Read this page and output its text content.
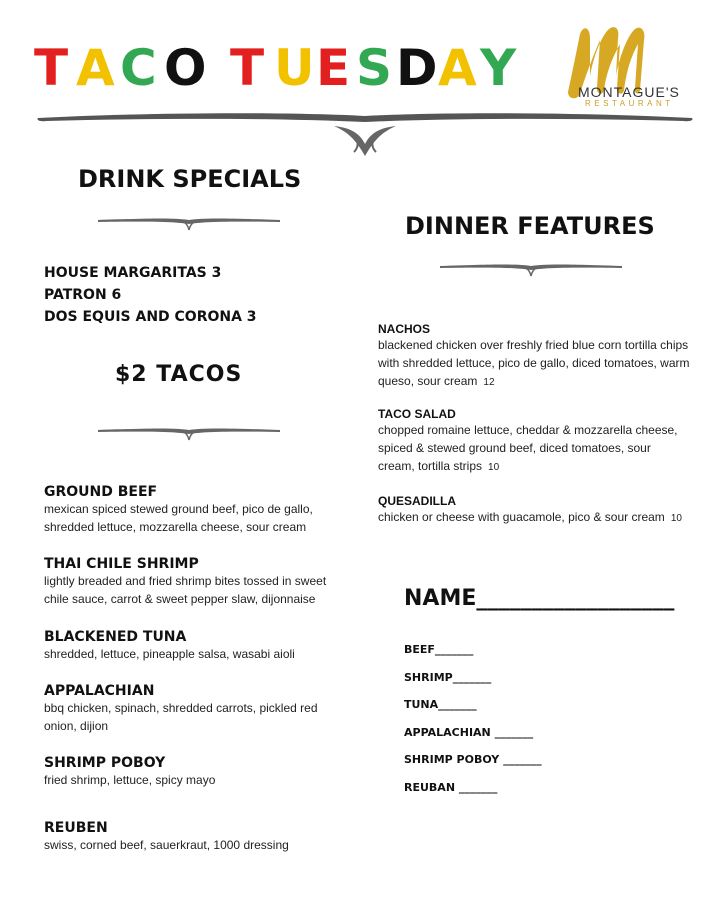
T A C O T U E S D A Y	MONTAGUE'S
RESTAURANT
DRINK SPECIALS
HOUSE MARGARITAS 3
PATRON 6
DOS EQUIS AND CORONA 3
$2 TACOS
GROUND BEEF
mexican spiced stewed ground beef, pico de gallo, shredded lettuce, mozzarella cheese, sour cream
THAI CHILE SHRIMP
lightly breaded and fried shrimp bites tossed in sweet chile sauce, carrot & sweet pepper slaw, dijonnaise
BLACKENED TUNA
shredded, lettuce, pineapple salsa, wasabi aioli
APPALACHIAN
bbq chicken, spinach, shredded carrots, pickled red onion, dijion
SHRIMP POBOY
fried shrimp, lettuce, spicy mayo
REUBEN
swiss, corned beef, sauerkraut, 1000 dressing
DINNER FEATURES
NACHOS
blackened chicken over freshly fried blue corn tortilla chips with shredded lettuce, pico de gallo, diced tomatoes, warm queso, sour cream 12
TACO SALAD
chopped romaine lettuce, cheddar & mozzarella cheese, spiced & stewed ground beef, diced tomatoes, sour cream, tortilla strips 10
QUESADILLA
chicken or cheese with guacamole, pico & sour cream 10
NAME__________________
BEEF_______
SHRIMP_______
TUNA_______
APPALACHIAN _______
SHRIMP POBOY _______
REUBAN _______
